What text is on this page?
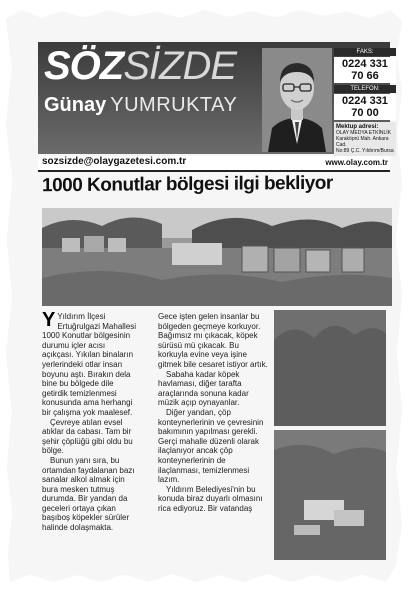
SÖZSİZDE
Günay YUMRUKTAY
FAKS:
0224 331 70 66
TELEFON:
0224 331 70 00
Mektup adresi:
OLAY MEDYA ETKİNLİK
Karaköprü Mah. Ankara Cad.
No:89 Ç.C. Yıldırım/Bursa
sozsizde@olaygazetesi.com.tr	www.olay.com.tr
1000 Konutlar bölgesi ilgi bekliyor

Y Yıldırım İlçesi Ertuğrulgazi Mahallesi 1000 Konutlar bölgesinin durumu içler acısı açıkçası. Yıkılan binaların yerlerindeki otlar insan boyunu aştı. Bırakın dela bine bu bölgede dile getirdik temizlenmesi konusunda ama herhangi bir çalışma yok maalesef.

Çevreye atılan evsel atıklar da cabası. Tam bir şehir çöplüğü gibi oldu bu bölge.

Bunun yanı sıra, bu ortamdan faydalanan bazı sanalar alkol almak için bura mesken tutmuş durumda. Bir yandan da geceleri ortaya çıkan başıboş köpekler sürüler halinde dolaşmakta.

Gece işten gelen insanlar bu bölgeden geçmeye korkuyor. Bağımsız mı çıkacak, köpek sürüsü mü çıkacak. Bu korkuyla evine veya işine gitmek bile cesaret istiyor artık.

Sabaha kadar köpek havlaması, diğer tarafta araçlarında sonuna kadar müzik açıp oynayanlar.

Diğer yandan, çöp konteynerlerinin ve çevresinin bakımının yapılması gerekli. Gerçi mahalle düzenli olarak ilaçlanıyor ancak çöp konteynerlerinin de ilaçlanması, temizlenmesi lazım.

Yıldırım Belediyesi'nin bu konuda biraz duyarlı olmasını rica ediyoruz. Bir vatandaş
